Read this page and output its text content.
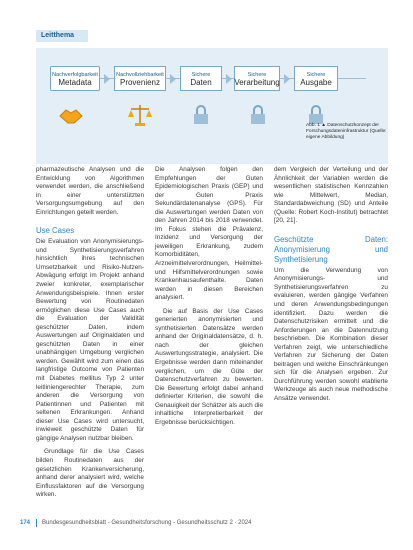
Leitthema
Nachverfolgbarkeit
Metadata
Nachvollziehbarkeit
Provenienz
Sichere
Daten
Sichere
Verarbeitung
Sichere
Ausgabe
Abb. 1 ▲ Datenschutzkonzept der Forschungsdateninfrastruktur (Quelle: eigene Abbildung)

pharmazeutische Analysen und die Entwicklung von Algorithmen verwendet werden, die anschließend in einer unterstützten Versorgungsumgebung auf den Einrichtungen geteilt werden.

Use Cases

Die Evaluation von Anonymisierungs- und Synthetisierungsverfahren hinsichtlich ihres technischen Umsetzbarkeit und Risiko-Nutzen-Abwägung erfolgt im Projekt anhand zweier konkreter, exemplarischer Anwendungsbeispiele. Ihnen erster Bewertung von Routinedaten ermöglichen diese Use Cases auch die Evaluation der Validität geschützter Daten, indem Auswertungen auf Originaldaten und geschützten Daten in einer unabhängigen Umgebung verglichen werden. Gewählt wird zum einen das langfristige Outcome von Patienten mit Diabetes mellitus Typ 2 unter leitliniengerechter Therapie, zum anderen die Versorgung von Patientinnen und Patienten mit seltenen Erkrankungen. Anhand dieser Use Cases wird untersucht, inwieweit geschützte Daten für gängige Analysen nutzbar bleiben.

Grundlage für die Use Cases bilden Routinedaten aus der gesetzlichen Krankenversicherung, anhand derer analysiert wird, welche Einflussfaktoren auf die Versorgung wirken.

Die Analysen folgen den Empfehlungen der Guten Epidemiologischen Praxis (GEP) und der Guten Praxis Sekundärdatenanalyse (GPS). Für die Auswertungen werden Daten von den Jahren 2014 bis 2018 verwendet. Im Fokus stehen die Prävalenz, Inzidenz und Versorgung der jeweiligen Erkrankung, zudem Komorbiditäten, Arzneimittelverordnungen, Heilmittel- und Hilfsmittelverordnungen sowie Krankenhausaufenthalte. Daten werden in diesen Bereichen analysiert.

Die auf Basis der Use Cases generierten anonymisierten und synthetisierten Datensätze werden anhand der Originaldatensätze, d. h. nach der gleichen Auswertungsstrategie, analysiert. Die Ergebnisse werden dann miteinander verglichen, um die Güte der Datenschutzverfahren zu bewerten. Die Bewertung erfolgt dabei anhand definierter Kriterien, die sowohl die Genauigkeit der Schätzer als auch die inhaltliche Interpretierbarkeit der Ergebnisse berücksichtigen.

dem Vergleich der Verteilung und der Ähnlichkeit der Variablen werden die wesentlichen statistischen Kennzahlen wie Mittelwert, Median, Standardabweichung (SD) und Anteile (Quelle: Robert Koch-Institut) betrachtet [20, 21].

Geschützte Daten: Anonymisierung und Synthetisierung

Um die Verwendung von Anonymisierungs- und Synthetisierungsverfahren zu evaluieren, werden gängige Verfahren und deren Anwendungsbedingungen identifiziert. Dazu werden die Datenschutzrisiken ermittelt und die Anforderungen an die Datennutzung beschrieben. Die Kombination dieser Verfahren zeigt, wie unterschiedliche Verfahren zur Sicherung der Daten beitragen und welche Einschränkungen sich für die Analysen ergeben. Zur Durchführung werden sowohl etablierte Werkzeuge als auch neue methodische Ansätze verwendet.

174 Bundesgesundheitsblatt - Gesundheitsforschung - Gesundheitsschutz 2 · 2024
